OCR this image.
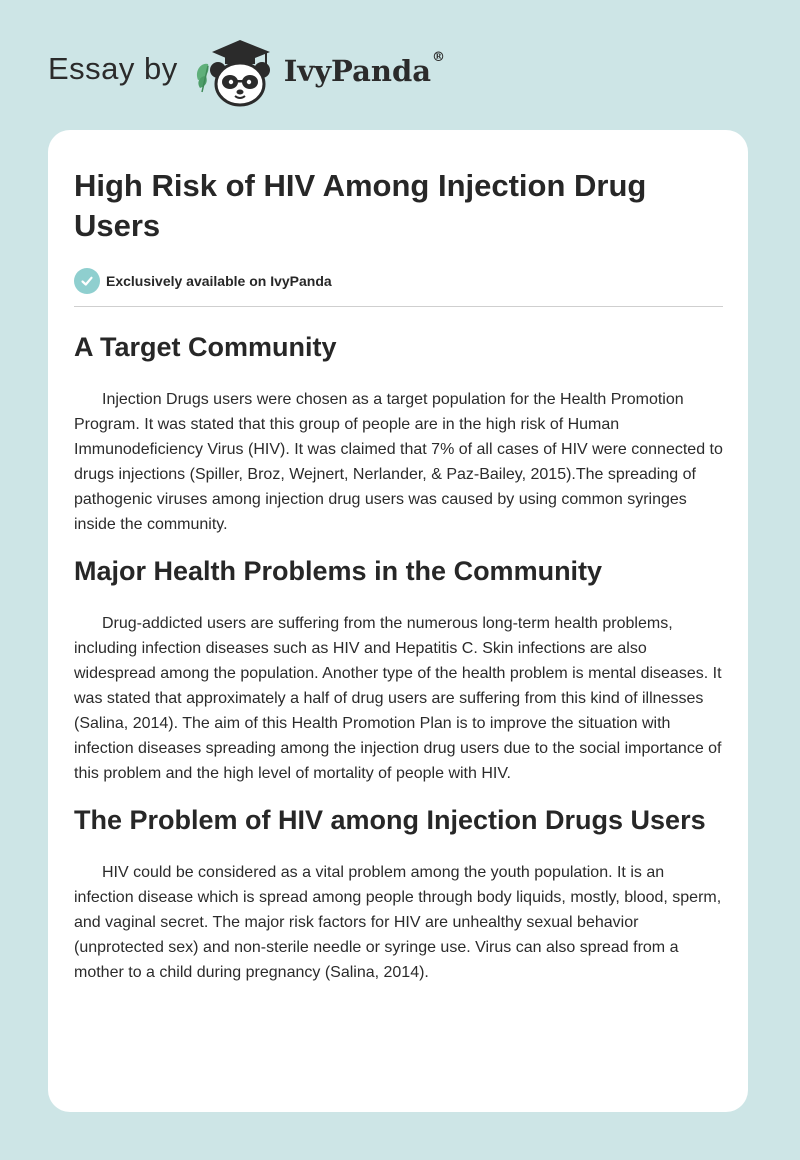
Essay by	IvyPanda®
High Risk of HIV Among Injection Drug Users
Exclusively available on IvyPanda
A Target Community

Injection Drugs users were chosen as a target population for the Health Promotion Program. It was stated that this group of people are in the high risk of Human Immunodeficiency Virus (HIV). It was claimed that 7% of all cases of HIV were connected to drugs injections (Spiller, Broz, Wejnert, Nerlander, & Paz-Bailey, 2015).The spreading of pathogenic viruses among injection drug users was caused by using common syringes inside the community.

Major Health Problems in the Community

Drug-addicted users are suffering from the numerous long-term health problems, including infection diseases such as HIV and Hepatitis C. Skin infections are also widespread among the population. Another type of the health problem is mental diseases. It was stated that approximately a half of drug users are suffering from this kind of illnesses (Salina, 2014). The aim of this Health Promotion Plan is to improve the situation with infection diseases spreading among the injection drug users due to the social importance of this problem and the high level of mortality of people with HIV.

The Problem of HIV among Injection Drugs Users

HIV could be considered as a vital problem among the youth population. It is an infection disease which is spread among people through body liquids, mostly, blood, sperm, and vaginal secret. The major risk factors for HIV are unhealthy sexual behavior (unprotected sex) and non-sterile needle or syringe use. Virus can also spread from a mother to a child during pregnancy (Salina, 2014).
